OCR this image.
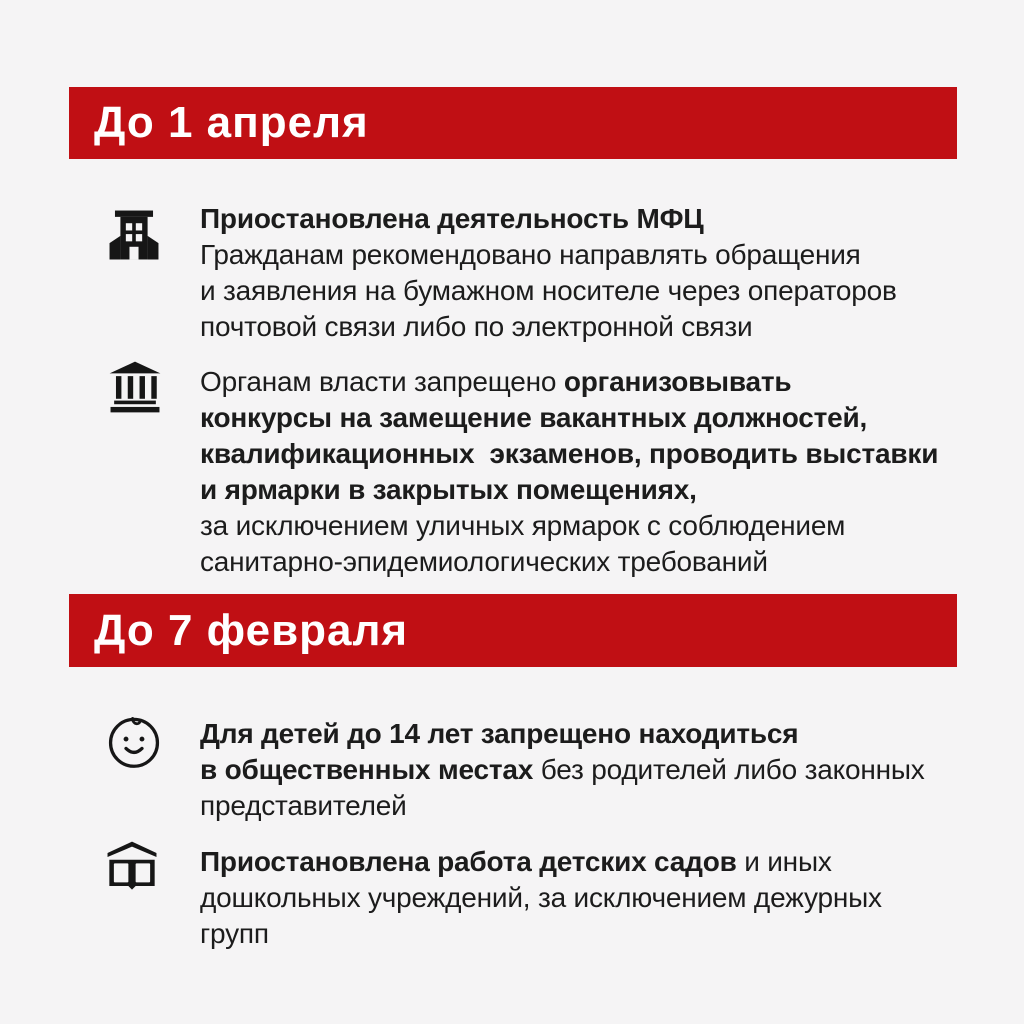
До 1 апреля
Приостановлена деятельность МФЦ
Гражданам рекомендовано направлять обращения
и заявления на бумажном носителе через операторов
почтовой связи либо по электронной связи
Органам власти запрещено организовывать
конкурсы на замещение вакантных должностей,
квалификационных  экзаменов, проводить выставки
и ярмарки в закрытых помещениях,
за исключением уличных ярмарок с соблюдением
санитарно-эпидемиологических требований
До 7 февраля
Для детей до 14 лет запрещено находиться
в общественных местах без родителей либо законных
представителей
Приостановлена работа детских садов и иных
дошкольных учреждений, за исключением дежурных
групп
